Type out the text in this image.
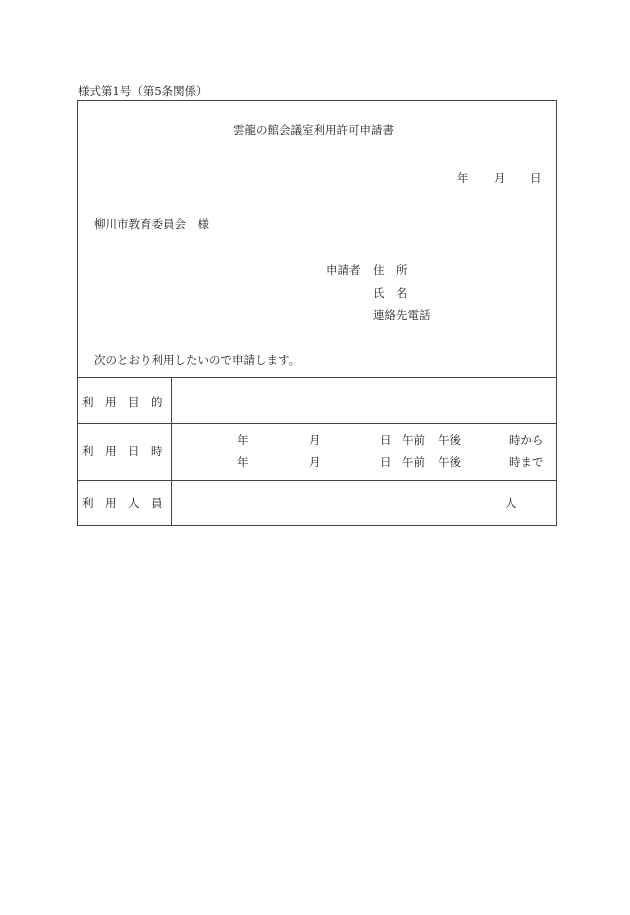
様式第1号（第5条関係）
雲龍の館会議室利用許可申請書
年 月 日
柳川市教育委員会　様
申請者 住　所
氏　名
連絡先電話
次のとおり利用したいので申請します。
利　用　目　的
利　用　日　時
年	月	日 午前 午後	時から
年	月	日 午前 午後	時まで
利　用　人　員	人
